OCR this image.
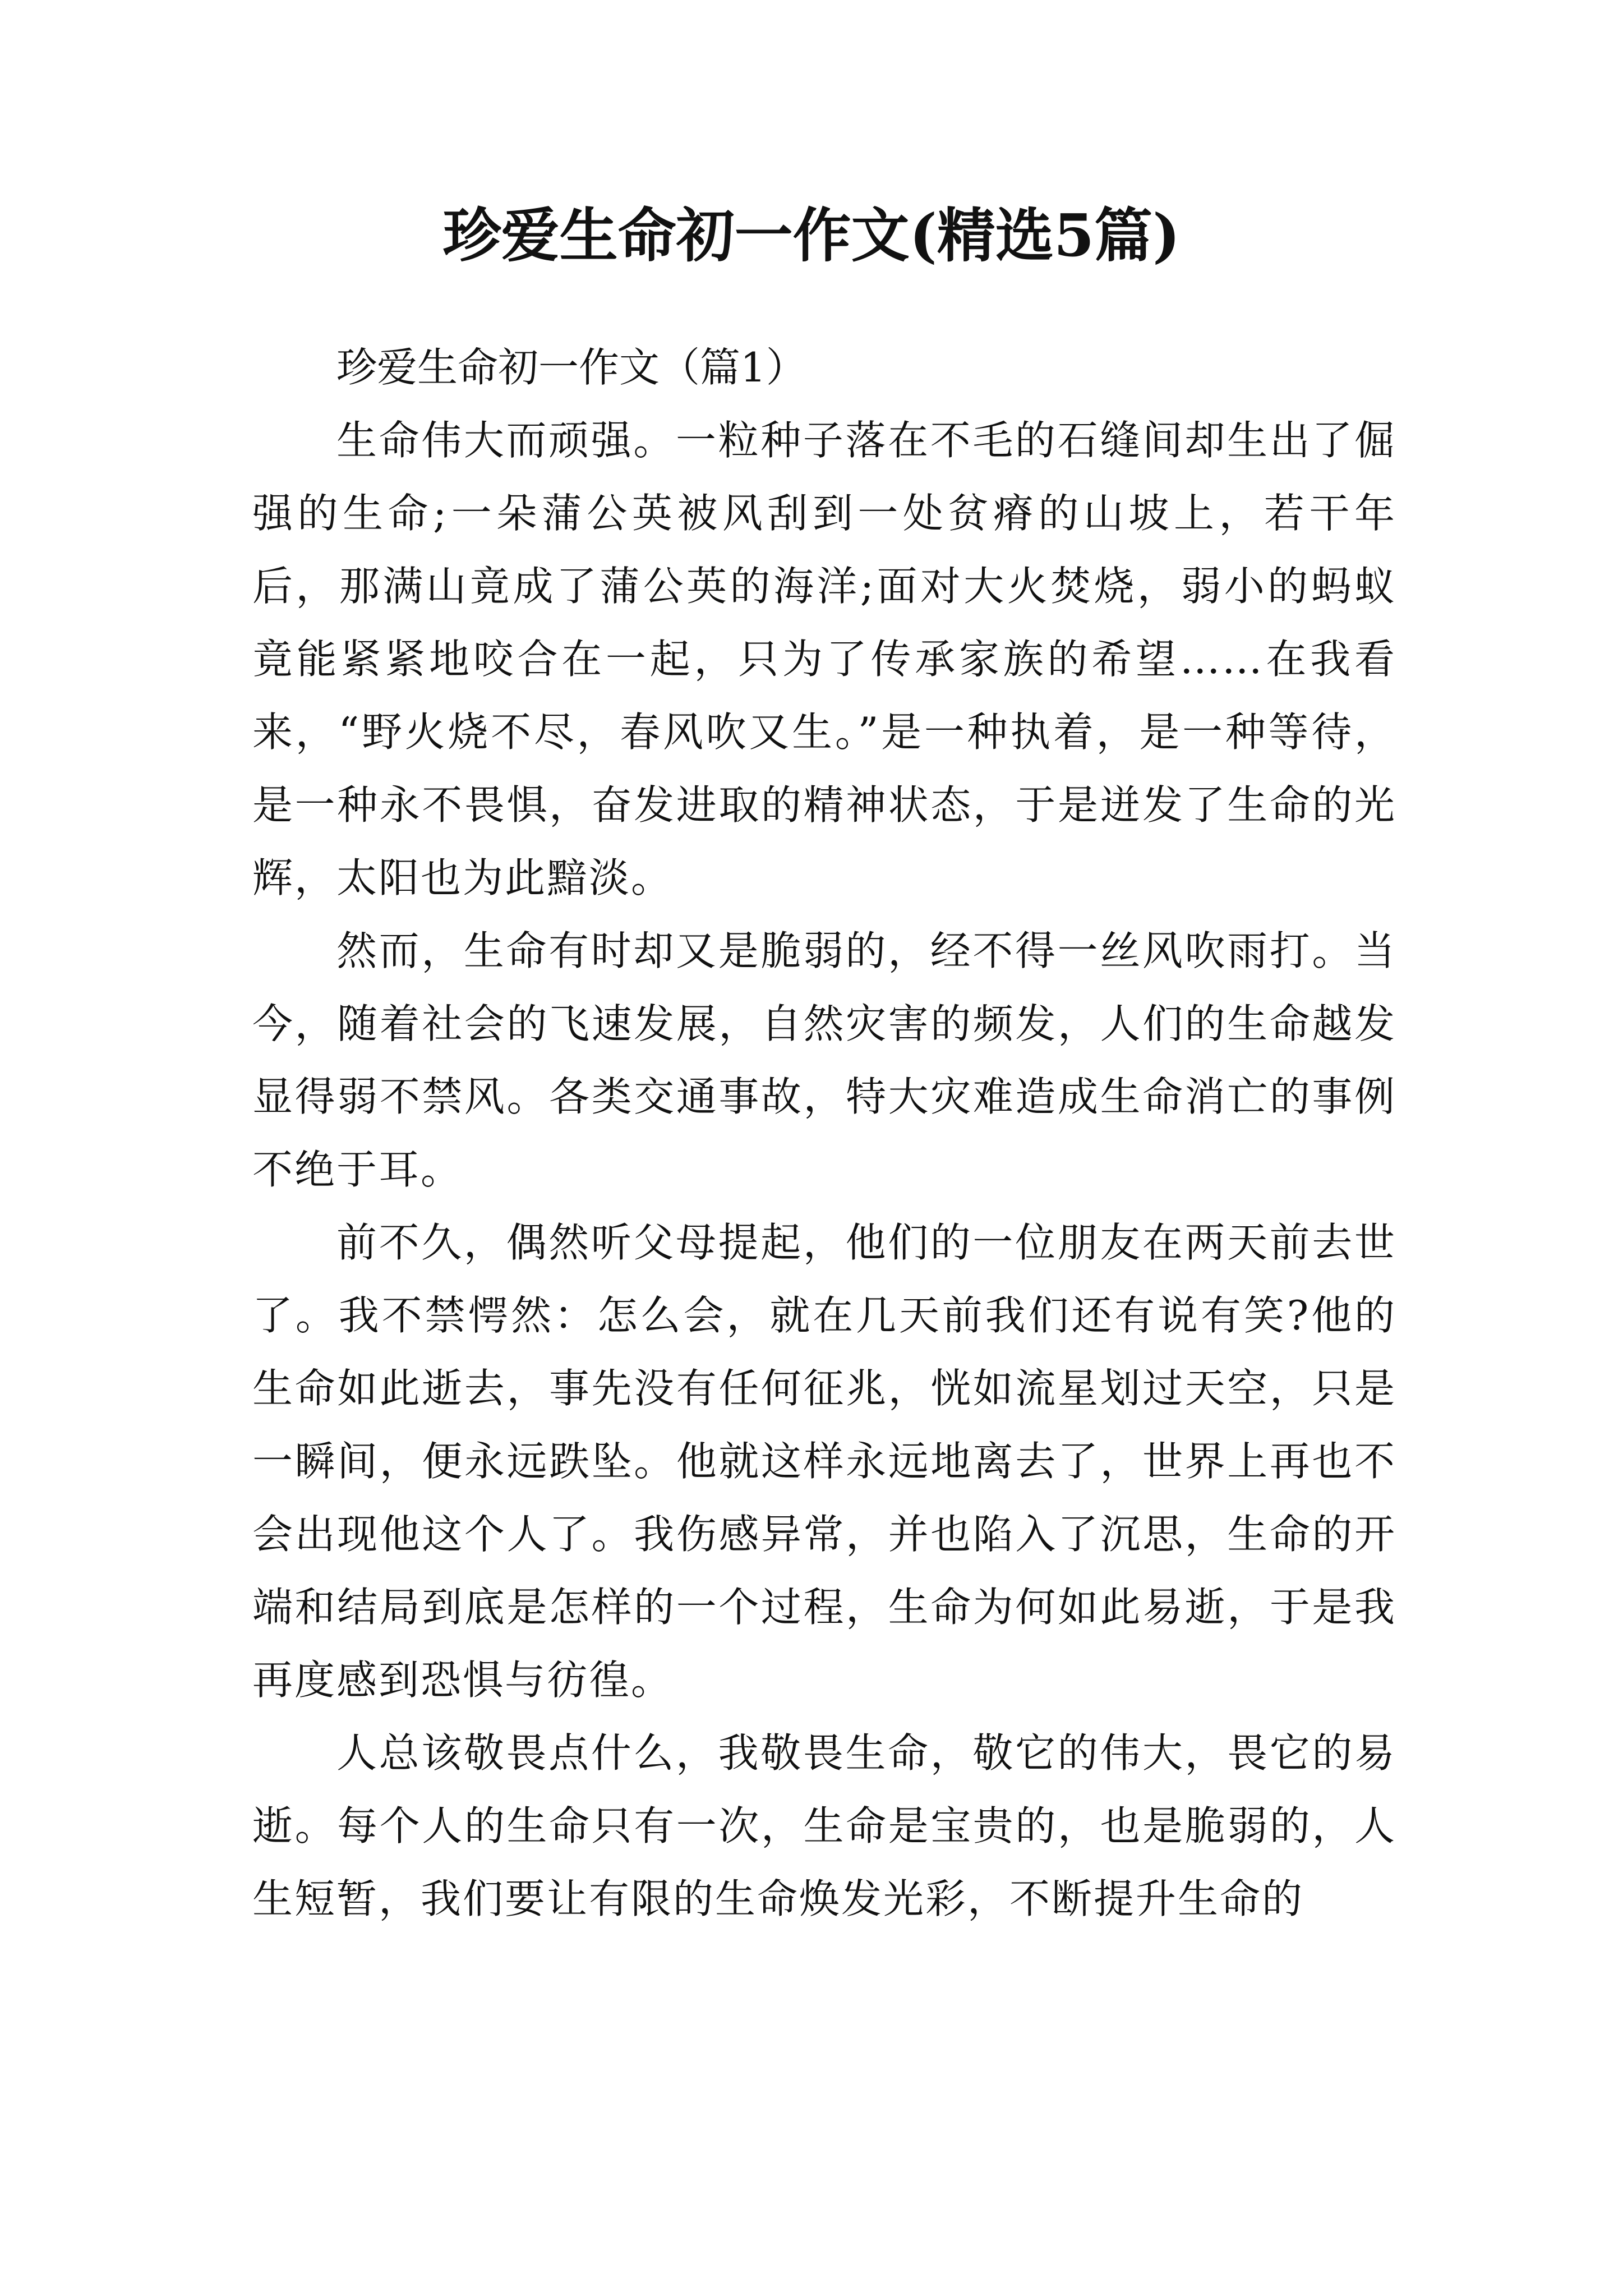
珍爱生命初一作文(精选5篇)

珍爱生命初一作文（篇1）

生命伟大而顽强。一粒种子落在不毛的石缝间却生出了倔强的生命;一朵蒲公英被风刮到一处贫瘠的山坡上，若干年后，那满山竟成了蒲公英的海洋;面对大火焚烧，弱小的蚂蚁竟能紧紧地咬合在一起，只为了传承家族的希望……在我看来，“野火烧不尽，春风吹又生。”是一种执着，是一种等待，是一种永不畏惧，奋发进取的精神状态，于是迸发了生命的光辉，太阳也为此黯淡。

然而，生命有时却又是脆弱的，经不得一丝风吹雨打。当今，随着社会的飞速发展，自然灾害的频发，人们的生命越发显得弱不禁风。各类交通事故，特大灾难造成生命消亡的事例不绝于耳。

前不久，偶然听父母提起，他们的一位朋友在两天前去世了。我不禁愕然：怎么会，就在几天前我们还有说有笑?他的生命如此逝去，事先没有任何征兆，恍如流星划过天空，只是一瞬间，便永远跌坠。他就这样永远地离去了，世界上再也不会出现他这个人了。我伤感异常，并也陷入了沉思，生命的开端和结局到底是怎样的一个过程，生命为何如此易逝，于是我再度感到恐惧与彷徨。

人总该敬畏点什么，我敬畏生命，敬它的伟大，畏它的易逝。每个人的生命只有一次，生命是宝贵的，也是脆弱的，人生短暂，我们要让有限的生命焕发光彩，不断提升生命的
